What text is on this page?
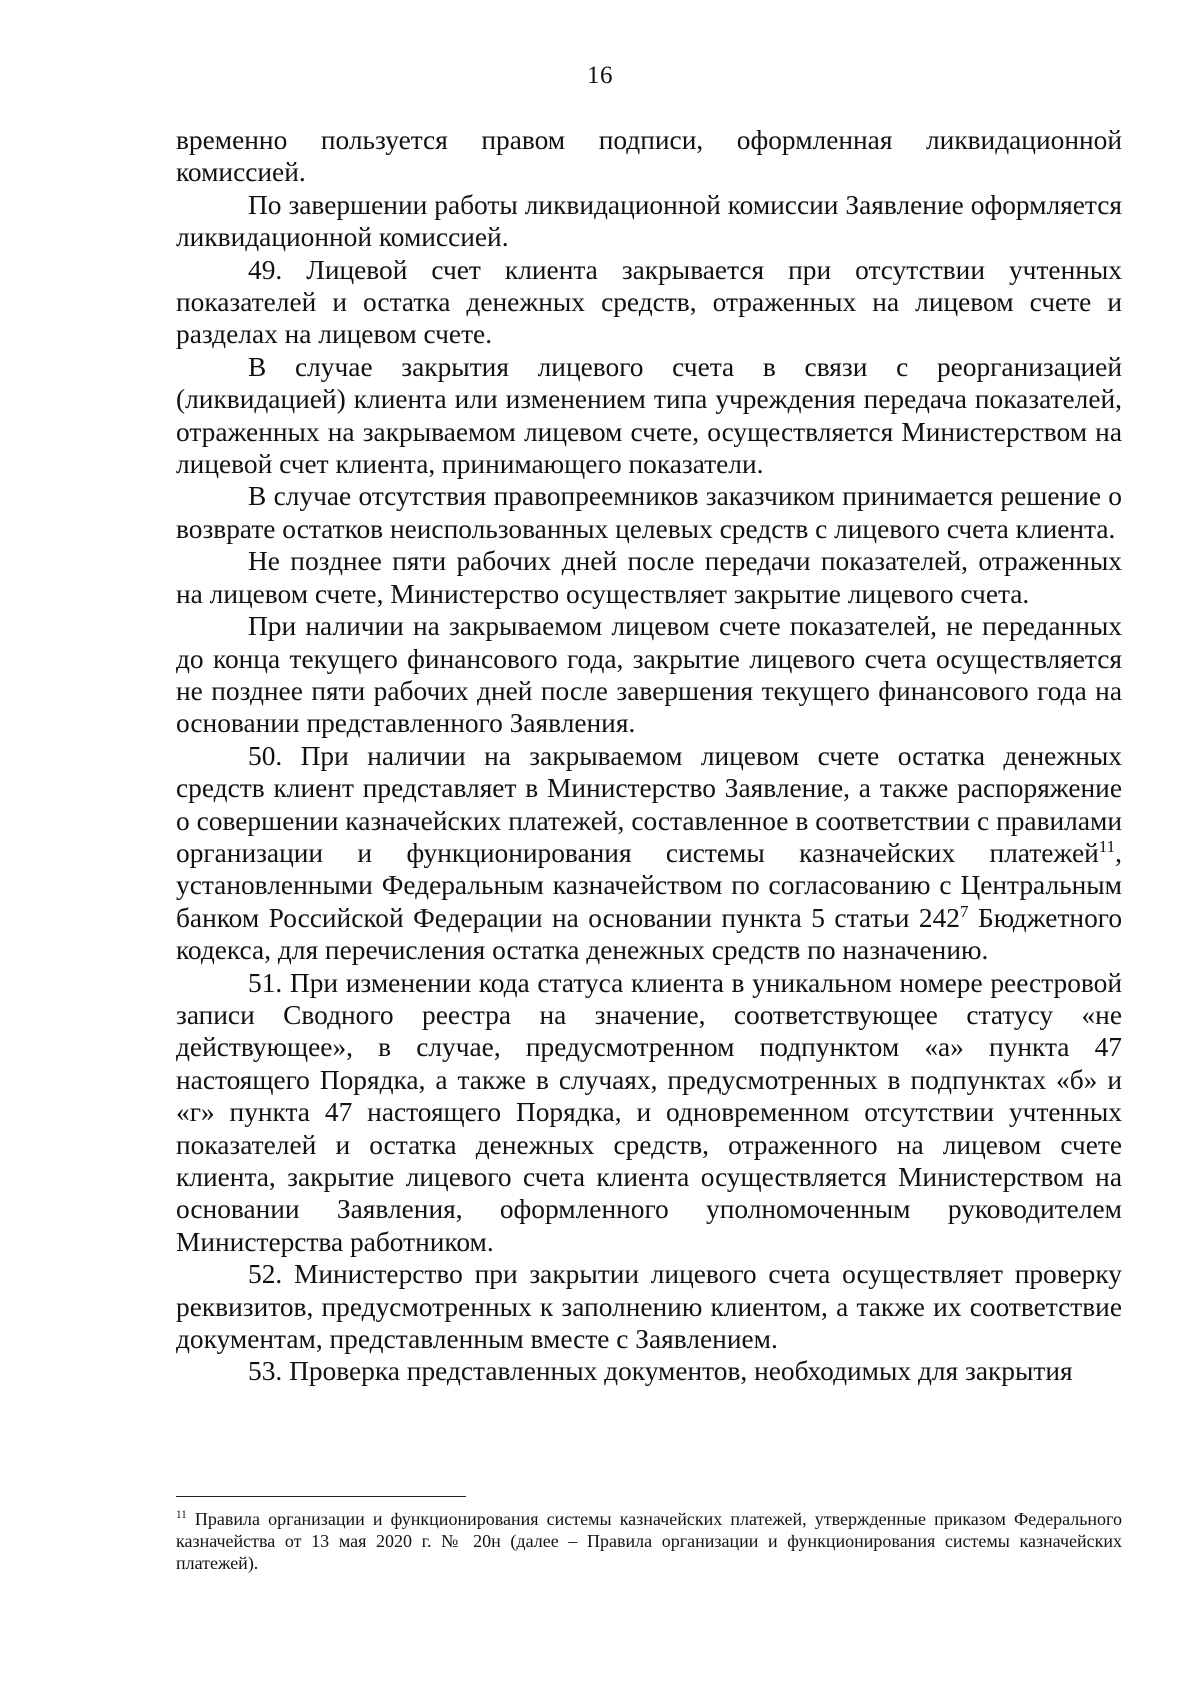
16

временно пользуется правом подписи, оформленная ликвидационной комиссией.

По завершении работы ликвидационной комиссии Заявление оформляется ликвидационной комиссией.

49. Лицевой счет клиента закрывается при отсутствии учтенных показателей и остатка денежных средств, отраженных на лицевом счете и разделах на лицевом счете.

В случае закрытия лицевого счета в связи с реорганизацией (ликвидацией) клиента или изменением типа учреждения передача показателей, отраженных на закрываемом лицевом счете, осуществляется Министерством на лицевой счет клиента, принимающего показатели.

В случае отсутствия правопреемников заказчиком принимается решение о возврате остатков неиспользованных целевых средств с лицевого счета клиента.

Не позднее пяти рабочих дней после передачи показателей, отраженных на лицевом счете, Министерство осуществляет закрытие лицевого счета.

При наличии на закрываемом лицевом счете показателей, не переданных до конца текущего финансового года, закрытие лицевого счета осуществляется не позднее пяти рабочих дней после завершения текущего финансового года на основании представленного Заявления.

50. При наличии на закрываемом лицевом счете остатка денежных средств клиент представляет в Министерство Заявление, а также распоряжение о совершении казначейских платежей, составленное в соответствии с правилами организации и функционирования системы казначейских платежей$^{11}$, установленными Федеральным казначейством по согласованию с Центральным банком Российской Федерации на основании пункта 5 статьи $242^7$ Бюджетного кодекса, для перечисления остатка денежных средств по назначению.

51. При изменении кода статуса клиента в уникальном номере реестровой записи Сводного реестра на значение, соответствующее статусу «не действующее», в случае, предусмотренном подпунктом «а» пункта 47 настоящего Порядка, а также в случаях, предусмотренных в подпунктах «б» и «г» пункта 47 настоящего Порядка, и одновременном отсутствии учтенных показателей и остатка денежных средств, отраженного на лицевом счете клиента, закрытие лицевого счета клиента осуществляется Министерством на основании Заявления, оформленного уполномоченным руководителем Министерства работником.

52. Министерство при закрытии лицевого счета осуществляет проверку реквизитов, предусмотренных к заполнению клиентом, а также их соответствие документам, представленным вместе с Заявлением.

53. Проверка представленных документов, необходимых для закрытия

$^{11}$ Правила организации и функционирования системы казначейских платежей, утвержденные приказом Федерального казначейства от 13 мая 2020 г. № 20н (далее – Правила организации и функционирования системы казначейских платежей).
